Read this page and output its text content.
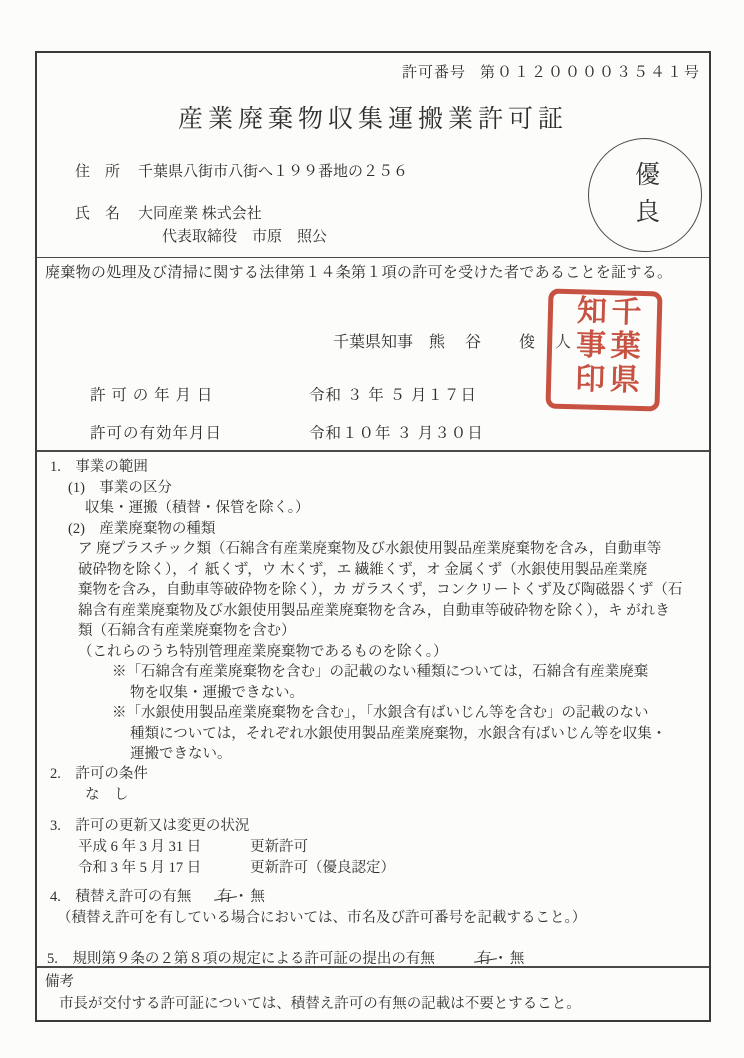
許可番号 第０１２００００３５４１号
産業廃棄物収集運搬業許可証
住　所 千葉県八街市八街へ１９９番地の２５６
氏　名 大同産業 株式会社
代表取締役　市原　照公
優良
廃棄物の処理及び清掃に関する法律第１４条第１項の許可を受けた者であることを証する。
千葉県知事 熊　谷　　俊　人	千葉県知事印
許 可 の 年 月 日	令和 ３ 年 ５ 月１７日
許可の有効年月日	令和１０年 ３ 月３０日
1.　事業の範囲
(1)　事業の区分
収集・運搬（積替・保管を除く。）
(2)　産業廃棄物の種類
ア 廃プラスチック類（石綿含有産業廃棄物及び水銀使用製品産業廃棄物を含み，自動車等
破砕物を除く），イ 紙くず，ウ 木くず，エ 繊維くず，オ 金属くず（水銀使用製品産業廃
棄物を含み，自動車等破砕物を除く），カ ガラスくず，コンクリートくず及び陶磁器くず（石
綿含有産業廃棄物及び水銀使用製品産業廃棄物を含み，自動車等破砕物を除く），キ がれき
類（石綿含有産業廃棄物を含む）
（これらのうち特別管理産業廃棄物であるものを除く。）
※「石綿含有産業廃棄物を含む」の記載のない種類については，石綿含有産業廃棄
物を収集・運搬できない。
※「水銀使用製品産業廃棄物を含む」，「水銀含有ばいじん等を含む」の記載のない
種類については，それぞれ水銀使用製品産業廃棄物，水銀含有ばいじん等を収集・
運搬できない。
2.　許可の条件
な　し
3.　許可の更新又は変更の状況
平成 6 年 3 月 31 日	更新許可
令和 3 年 5 月 17 日	更新許可（優良認定）
4.　積替え許可の有無 有・無
（積替え許可を有している場合においては、市名及び許可番号を記載すること。）
5.　規則第９条の２第８項の規定による許可証の提出の有無	有・無
備考
市長が交付する許可証については、積替え許可の有無の記載は不要とすること。
